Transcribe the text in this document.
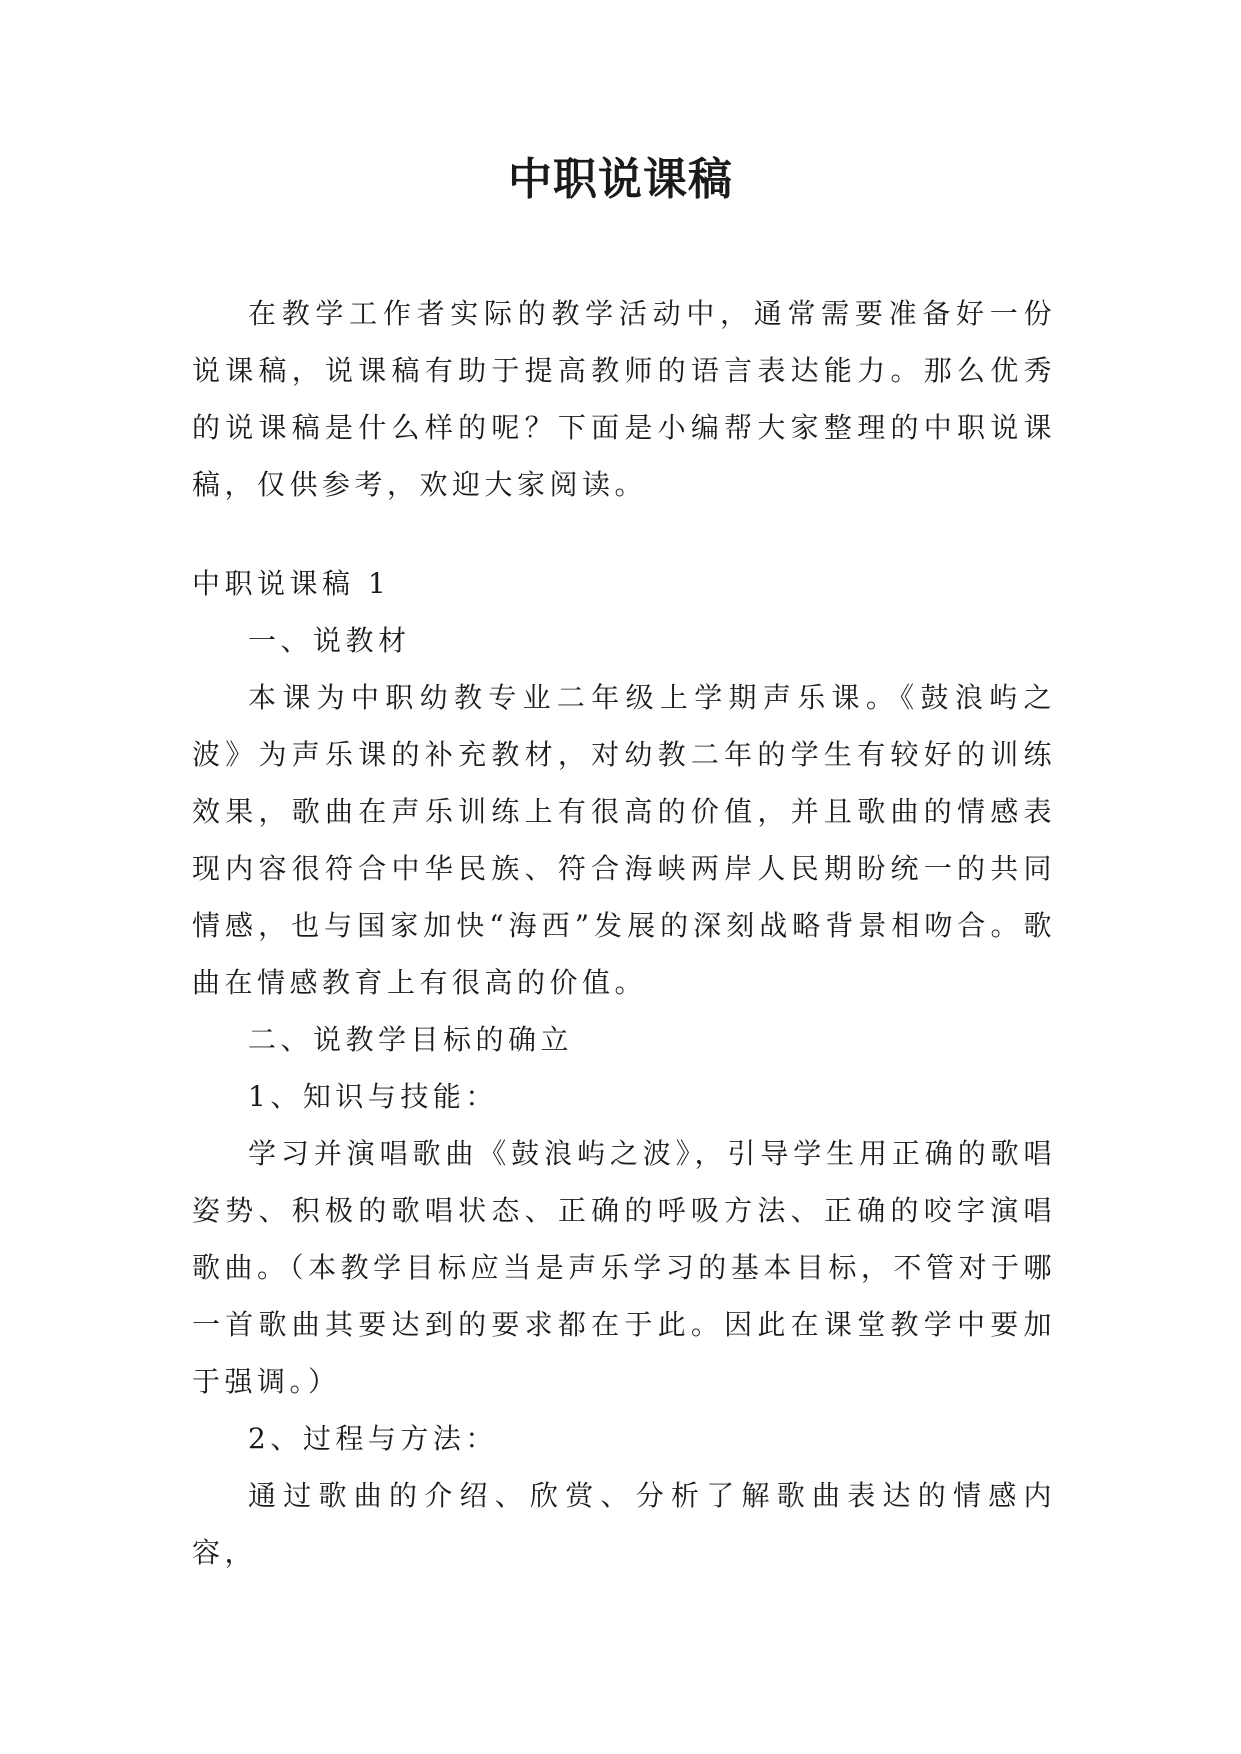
中职说课稿

在教学工作者实际的教学活动中，通常需要准备好一份说课稿，说课稿有助于提高教师的语言表达能力。那么优秀的说课稿是什么样的呢？下面是小编帮大家整理的中职说课稿，仅供参考，欢迎大家阅读。

中职说课稿 1

一、说教材

本课为中职幼教专业二年级上学期声乐课。《鼓浪屿之波》为声乐课的补充教材，对幼教二年的学生有较好的训练效果，歌曲在声乐训练上有很高的价值，并且歌曲的情感表现内容很符合中华民族、符合海峡两岸人民期盼统一的共同情感，也与国家加快“海西”发展的深刻战略背景相吻合。歌曲在情感教育上有很高的价值。

二、说教学目标的确立

1、知识与技能：

学习并演唱歌曲《鼓浪屿之波》，引导学生用正确的歌唱姿势、积极的歌唱状态、正确的呼吸方法、正确的咬字演唱歌曲。（本教学目标应当是声乐学习的基本目标，不管对于哪一首歌曲其要达到的要求都在于此。因此在课堂教学中要加于强调。）

2、过程与方法：

通过歌曲的介绍、欣赏、分析了解歌曲表达的情感内容，
